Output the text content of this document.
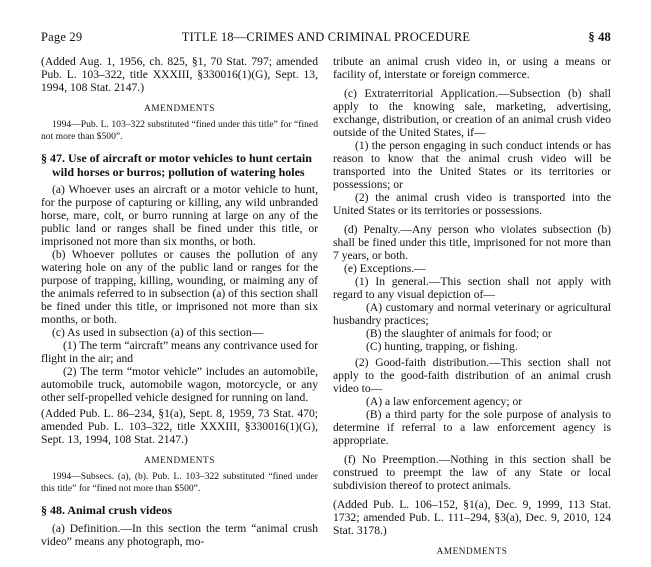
Page 29	TITLE 18—CRIMES AND CRIMINAL PROCEDURE	§ 48

(Added Aug. 1, 1956, ch. 825, §1, 70 Stat. 797; amended Pub. L. 103–322, title XXXIII, §330016(1)(G), Sept. 13, 1994, 108 Stat. 2147.)

AMENDMENTS

1994—Pub. L. 103–322 substituted “fined under this title” for “fined not more than $500”.

§ 47. Use of aircraft or motor vehicles to hunt certain wild horses or burros; pollution of watering holes

(a) Whoever uses an aircraft or a motor vehicle to hunt, for the purpose of capturing or killing, any wild unbranded horse, mare, colt, or burro running at large on any of the public land or ranges shall be fined under this title, or imprisoned not more than six months, or both.

(b) Whoever pollutes or causes the pollution of any watering hole on any of the public land or ranges for the purpose of trapping, killing, wounding, or maiming any of the animals referred to in subsection (a) of this section shall be fined under this title, or imprisoned not more than six months, or both.

(c) As used in subsection (a) of this section—

(1) The term “aircraft” means any contrivance used for flight in the air; and

(2) The term “motor vehicle” includes an automobile, automobile truck, automobile wagon, motorcycle, or any other self-propelled vehicle designed for running on land.

(Added Pub. L. 86–234, §1(a), Sept. 8, 1959, 73 Stat. 470; amended Pub. L. 103–322, title XXXIII, §330016(1)(G), Sept. 13, 1994, 108 Stat. 2147.)

AMENDMENTS

1994—Subsecs. (a), (b). Pub. L. 103–322 substituted “fined under this title” for “fined not more than $500”.

§ 48. Animal crush videos

(a) Definition.—In this section the term “animal crush video” means any photograph, mo-

tribute an animal crush video in, or using a means or facility of, interstate or foreign commerce.

(c) Extraterritorial Application.—Subsection (b) shall apply to the knowing sale, marketing, advertising, exchange, distribution, or creation of an animal crush video outside of the United States, if—

(1) the person engaging in such conduct intends or has reason to know that the animal crush video will be transported into the United States or its territories or possessions; or

(2) the animal crush video is transported into the United States or its territories or possessions.

(d) Penalty.—Any person who violates subsection (b) shall be fined under this title, imprisoned for not more than 7 years, or both.

(e) Exceptions.—

(1) In general.—This section shall not apply with regard to any visual depiction of—

(A) customary and normal veterinary or agricultural husbandry practices;

(B) the slaughter of animals for food; or

(C) hunting, trapping, or fishing.

(2) Good-faith distribution.—This section shall not apply to the good-faith distribution of an animal crush video to—

(A) a law enforcement agency; or

(B) a third party for the sole purpose of analysis to determine if referral to a law enforcement agency is appropriate.

(f) No Preemption.—Nothing in this section shall be construed to preempt the law of any State or local subdivision thereof to protect animals.

(Added Pub. L. 106–152, §1(a), Dec. 9, 1999, 113 Stat. 1732; amended Pub. L. 111–294, §3(a), Dec. 9, 2010, 124 Stat. 3178.)

AMENDMENTS
